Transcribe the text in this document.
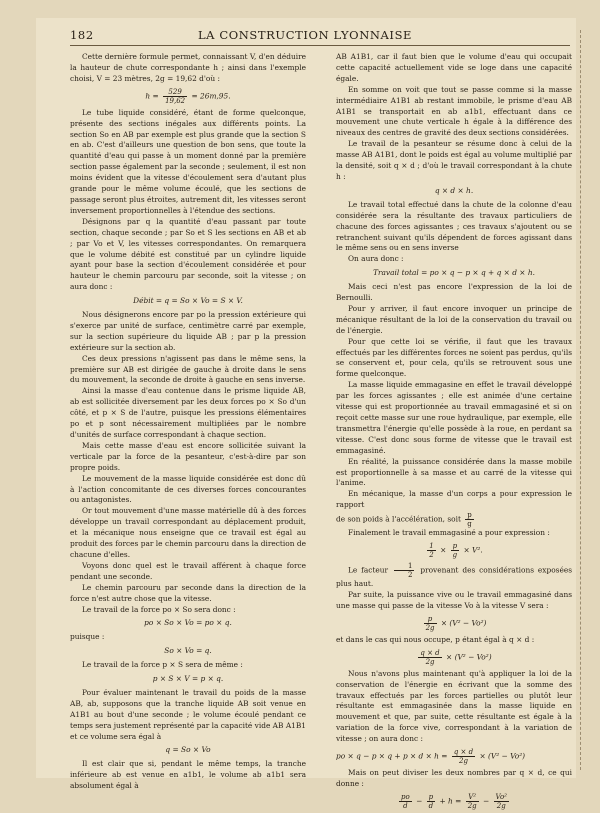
182	LA CONSTRUCTION LYONNAISE

Cette dernière formule permet, connaissant V, d'en déduire la hauteur de chute correspondante h ; ainsi dans l'exemple choisi, V = 23 mètres, 2g = 19,62 d'où :

$h = \frac{529}{19,62} = 26m,95$.

Le tube liquide considéré, étant de forme quelconque, présente des sections inégales aux différents points. La section So en AB par exemple est plus grande que la section S en ab. C'est d'ailleurs une question de bon sens, que toute la quantité d'eau qui passe à un moment donné par la première section passe également par la seconde ; seulement, il est non moins évident que la vitesse d'écoulement sera d'autant plus grande pour le même volume écoulé, que les sections de passage seront plus étroites, autrement dit, les vitesses seront inversement proportionnelles à l'étendue des sections.

Désignons par q la quantité d'eau passant par toute section, chaque seconde ; par So et S les sections en AB et ab ; par Vo et V, les vitesses correspondantes. On remarquera que le volume débité est constitué par un cylindre liquide ayant pour base la section d'écoulement considérée et pour hauteur le chemin parcouru par seconde, soit la vitesse ; on aura donc :

Débit = q = So × Vo = S × V.

Nous désignerons encore par po la pression extérieure qui s'exerce par unité de surface, centimètre carré par exemple, sur la section supérieure du liquide AB ; par p la pression extérieure sur la section ab.

Ces deux pressions n'agissent pas dans le même sens, la première sur AB est dirigée de gauche à droite dans le sens du mouvement, la seconde de droite à gauche en sens inverse.

Ainsi la masse d'eau contenue dans le prisme liquide AB, ab est sollicitée diversement par les deux forces po × So d'un côté, et p × S de l'autre, puisque les pressions élémentaires po et p sont nécessairement multipliées par le nombre d'unités de surface correspondant à chaque section.

Mais cette masse d'eau est encore sollicitée suivant la verticale par la force de la pesanteur, c'est-à-dire par son propre poids.

Le mouvement de la masse liquide considérée est donc dû à l'action concomitante de ces diverses forces concourantes ou antagonistes.

Or tout mouvement d'une masse matérielle dû à des forces développe un travail correspondant au déplacement produit, et la mécanique nous enseigne que ce travail est égal au produit des forces par le chemin parcouru dans la direction de chacune d'elles.

Voyons donc quel est le travail afférent à chaque force pendant une seconde.

Le chemin parcouru par seconde dans la direction de la force n'est autre chose que la vitesse.

Le travail de la force po × So sera donc :

po × So × Vo = po × q.

puisque :

So × Vo = q.

Le travail de la force p × S sera de même :

p × S × V = p × q.

Pour évaluer maintenant le travail du poids de la masse AB, ab, supposons que la tranche liquide AB soit venue en A1B1 au bout d'une seconde ; le volume écoulé pendant ce temps sera justement représenté par la capacité vide AB A1B1 et ce volume sera égal à

q = So × Vo

Il est clair que si, pendant le même temps, la tranche inférieure ab est venue en a1b1, le volume ab a1b1 sera absolument égal à

AB A1B1, car il faut bien que le volume d'eau qui occupait cette capacité actuellement vide se loge dans une capacité égale.

En somme on voit que tout se passe comme si la masse intermédiaire A1B1 ab restant immobile, le prisme d'eau AB A1B1 se transportait en ab a1b1, effectuant dans ce mouvement une chute verticale h égale à la différence des niveaux des centres de gravité des deux sections considérées.

Le travail de la pesanteur se résume donc à celui de la masse AB A1B1, dont le poids est égal au volume multiplié par la densité, soit q × d ; d'où le travail correspondant à la chute h :

q × d × h.

Le travail total effectué dans la chute de la colonne d'eau considérée sera la résultante des travaux particuliers de chacune des forces agissantes ; ces travaux s'ajoutent ou se retranchent suivant qu'ils dépendent de forces agissant dans le même sens ou en sens inverse

On aura donc :

Travail total = po × q − p × q + q × d × h.

Mais ceci n'est pas encore l'expression de la loi de Bernoulli.

Pour y arriver, il faut encore invoquer un principe de mécanique résultant de la loi de la conservation du travail ou de l'énergie.

Pour que cette loi se vérifie, il faut que les travaux effectués par les différentes forces ne soient pas perdus, qu'ils se conservent et, pour cela, qu'ils se retrouvent sous une forme quelconque.

La masse liquide emmagasine en effet le travail développé par les forces agissantes ; elle est animée d'une certaine vitesse qui est proportionnée au travail emmagasiné et si on reçoit cette masse sur une roue hydraulique, par exemple, elle transmettra l'énergie qu'elle possède à la roue, en perdant sa vitesse. C'est donc sous forme de vitesse que le travail est emmagasiné.

En réalité, la puissance considérée dans la masse mobile est proportionnelle à sa masse et au carré de la vitesse qui l'anime.

En mécanique, la masse d'un corps a pour expression le rapport

de son poids à l'accélération, soit $\frac{p}{g}$

Finalement le travail emmagasiné a pour expression :

$\frac{1}{2} \times \frac{p}{g} \times V^2$.

Le facteur $\frac{1}{2}$ provenant des considérations exposées plus haut.

Par suite, la puissance vive ou le travail emmagasiné dans une masse qui passe de la vitesse Vo à la vitesse V sera :

$\frac{p}{2g} \times (V^2 - Vo^2)$

et dans le cas qui nous occupe, p étant égal à q × d :

$\frac{q \times d}{2g} \times (V^2 - Vo^2)$

Nous n'avons plus maintenant qu'à appliquer la loi de la conservation de l'énergie en écrivant que la somme des travaux effectués par les forces partielles ou plutôt leur résultante est emmagasinée dans la masse liquide en mouvement et que, par suite, cette résultante est égale à la variation de la force vive, correspondant à la variation de vitesse ; on aura donc :

po × $q - p \times q + p \times d \times h = \frac{q \times d}{2g} \times (V^2 - Vo^2)$

Mais on peut diviser les deux nombres par q × d, ce qui donne :

$\frac{po}{d} - \frac{p}{d} + h = \frac{\text{V²}}{2g} - \frac{\text{Vo²}}{2g}$
